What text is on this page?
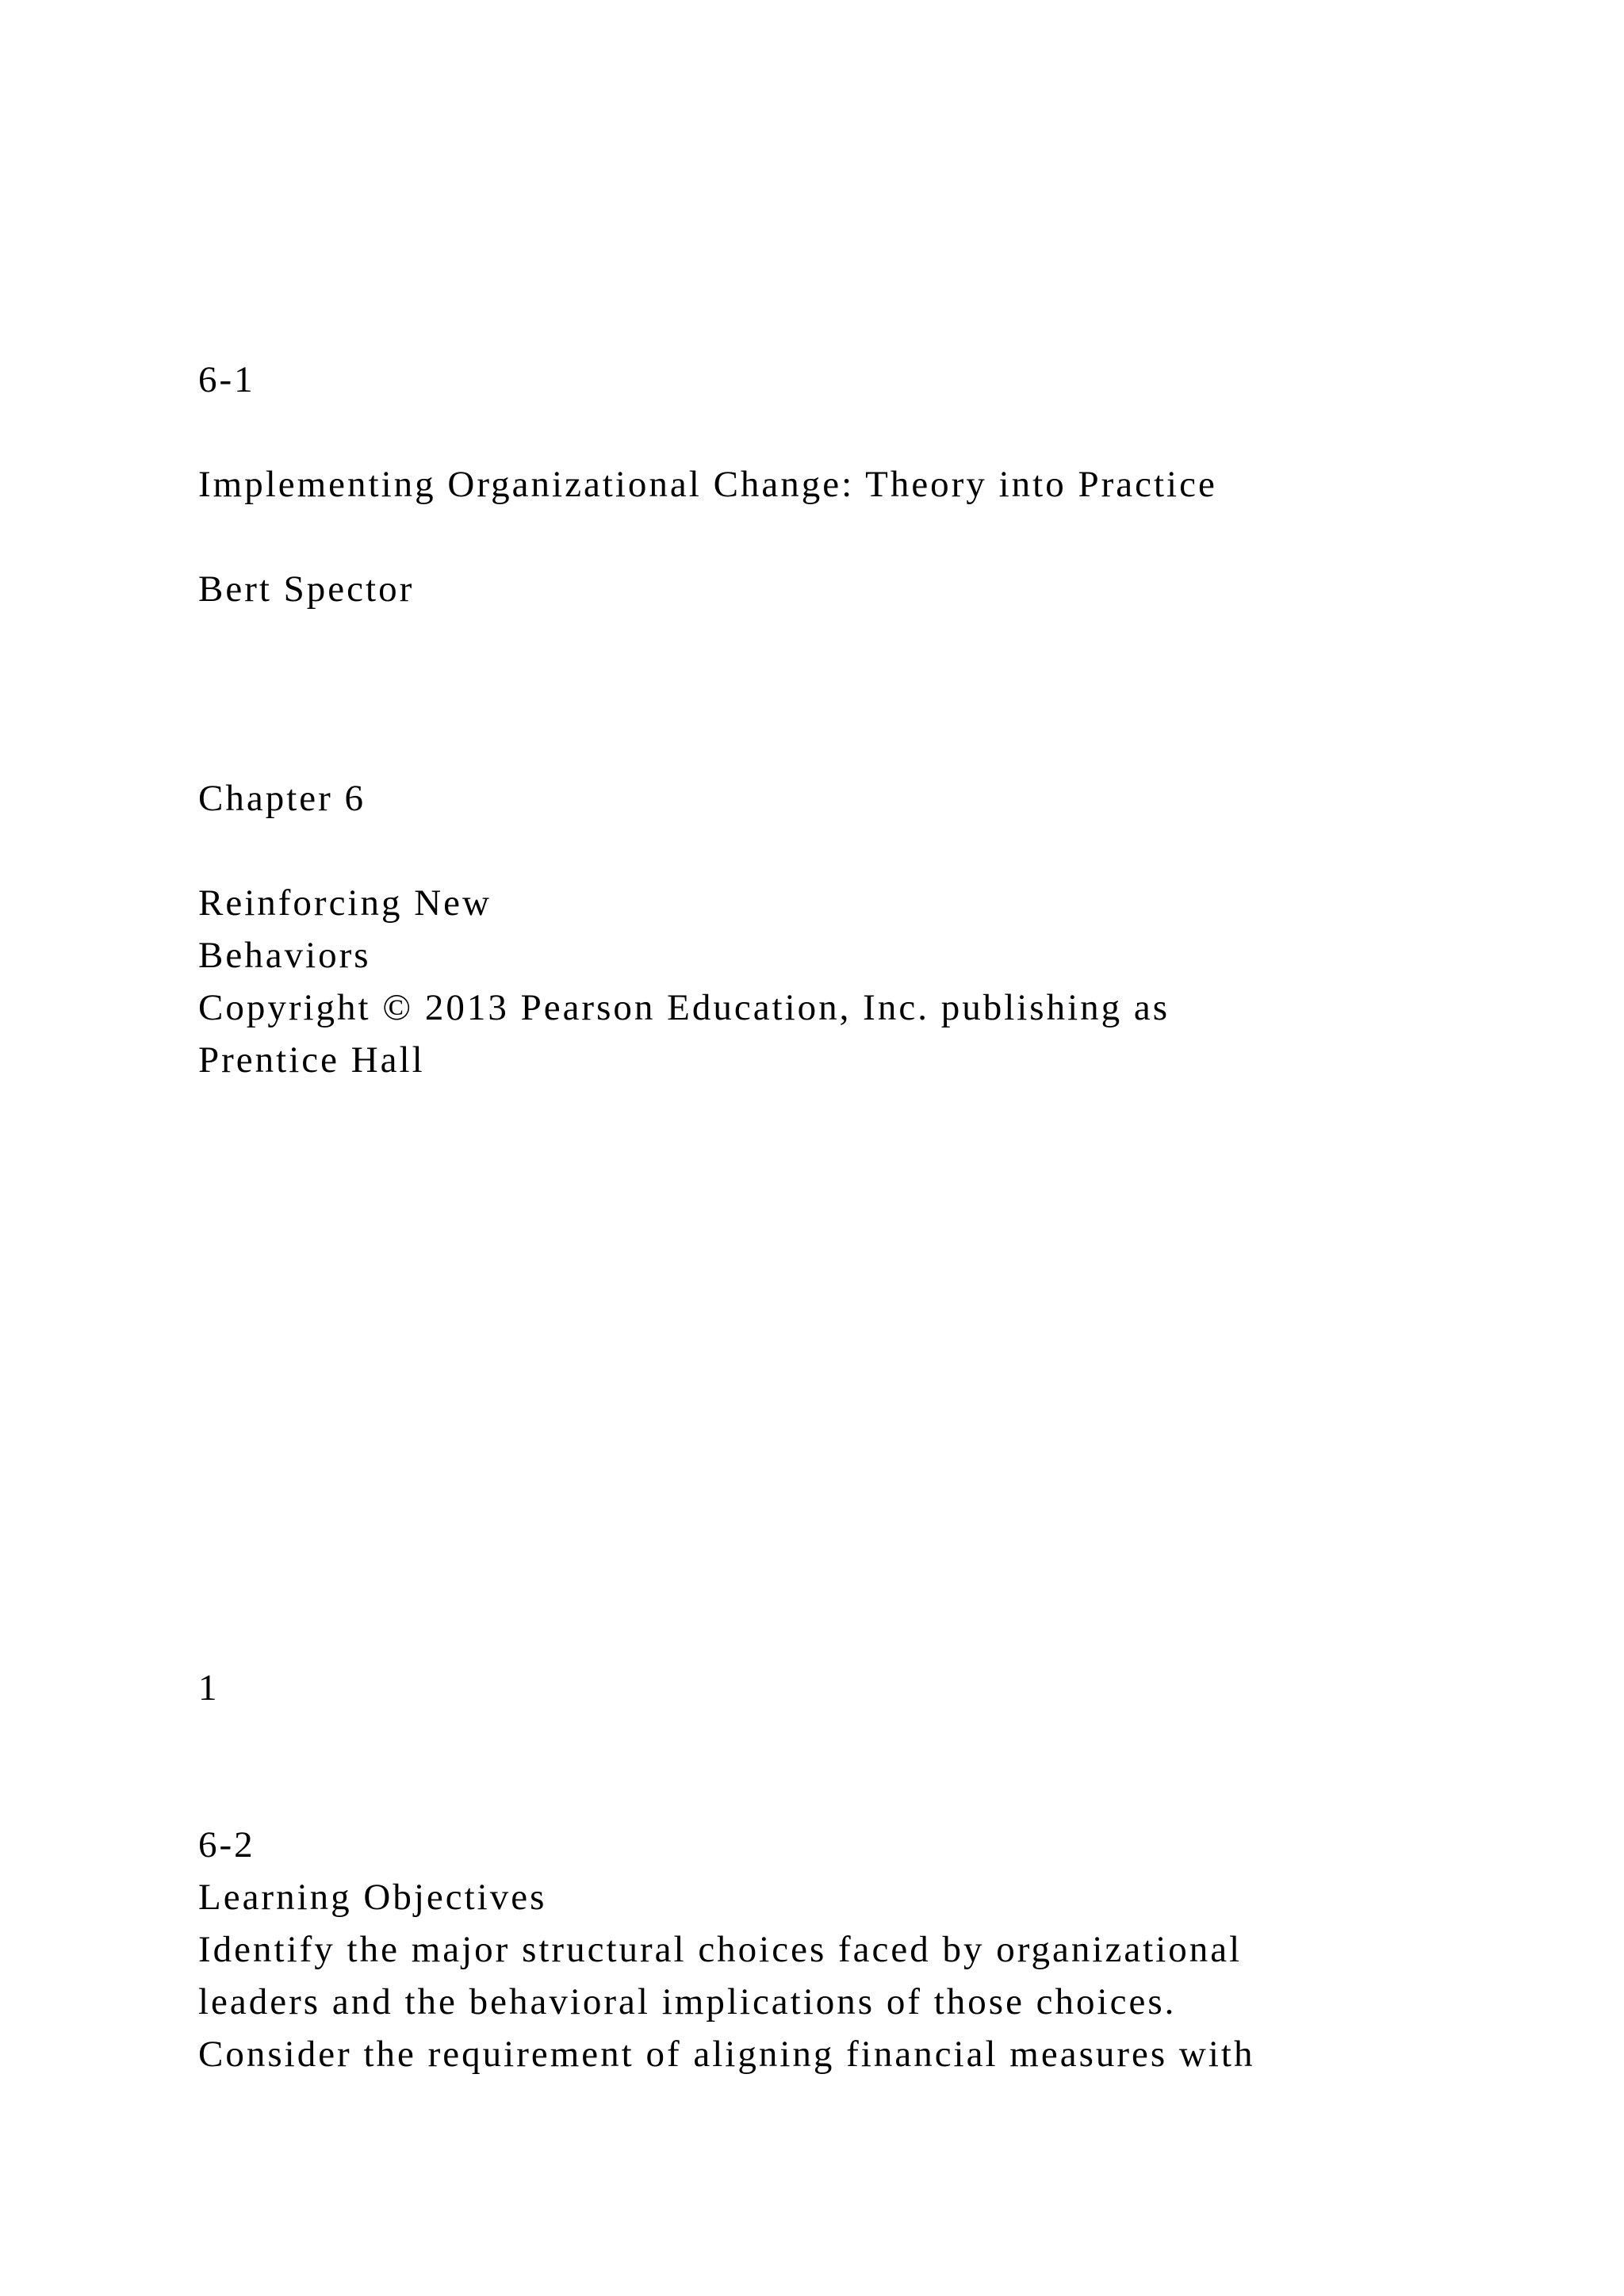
6-1

Implementing Organizational Change: Theory into Practice

Bert Spector

Chapter 6

Reinforcing New
Behaviors

Copyright © 2013 Pearson Education, Inc. publishing as

Prentice Hall

1

6-2

Learning Objectives

Identify the major structural choices faced by organizational

leaders and the behavioral implications of those choices.

Consider the requirement of aligning financial measures with
